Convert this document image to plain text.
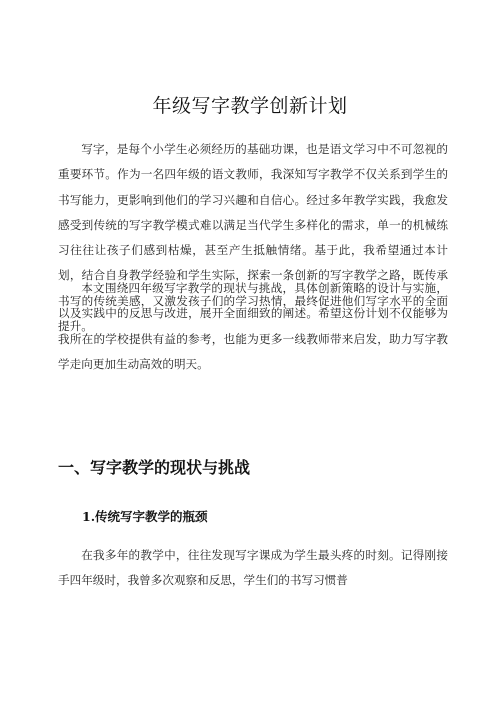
年级写字教学创新计划

写字，是每个小学生必须经历的基础功课，也是语文学习中不可忽视的重要环节。作为一名四年级的语文教师，我深知写字教学不仅关系到学生的书写能力，更影响到他们的学习兴趣和自信心。经过多年教学实践，我愈发感受到传统的写字教学模式难以满足当代学生多样化的需求，单一的机械练习往往让孩子们感到枯燥，甚至产生抵触情绪。基于此，我希望通过本计划，结合自身教学经验和学生实际，探索一条创新的写字教学之路，既传承书写的传统美感，又激发孩子们的学习热情，最终促进他们写字水平的全面提升。

本文围绕四年级写字教学的现状与挑战，具体创新策略的设计与实施，以及实践中的反思与改进，展开全面细致的阐述。希望这份计划不仅能够为我所在的学校提供有益的参考，也能为更多一线教师带来启发，助力写字教学走向更加生动高效的明天。

一、写字教学的现状与挑战
1.传统写字教学的瓶颈

在我多年的教学中，往往发现写字课成为学生最头疼的时刻。记得刚接手四年级时，我曾多次观察和反思，学生们的书写习惯普
